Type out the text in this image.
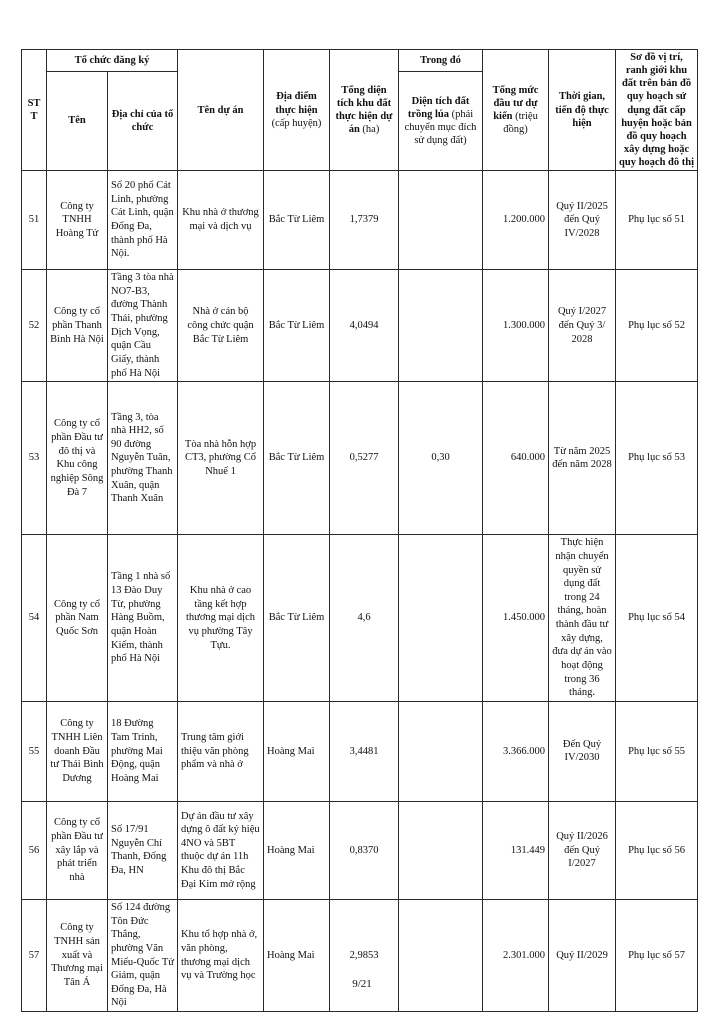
STT	Tổ chức đăng ký		Tên dự án	Địa điểm thực hiện (cấp huyện)	Tổng diện tích khu đất thực hiện dự án (ha)	Trong đó	Tổng mức đầu tư dự kiến (triệu đồng)	Thời gian, tiến độ thực hiện	Sơ đồ vị trí, ranh giới khu đất trên bản đồ quy hoạch sử dụng đất cấp huyện hoặc bản đồ quy hoạch xây dựng hoặc quy hoạch đô thị
	Tên	Địa chỉ của tổ chức				Diện tích đất trồng lúa (phải chuyển mục đích sử dụng đất)			
51	Công ty TNHH Hoàng Tử	Số 20 phố Cát Linh, phường Cát Linh, quận Đống Đa, thành phố Hà Nội.	Khu nhà ở thương mại và dịch vụ	Bắc Từ Liêm	1,7379		1.200.000	Quý II/2025 đến Quý IV/2028	Phụ lục số 51
52	Công ty cổ phần Thanh Bình Hà Nội	Tầng 3 tòa nhà NO7-B3, đường Thành Thái, phường Dịch Vọng, quận Cầu Giấy, thành phố Hà Nội	Nhà ở cán bộ công chức quận Bắc Từ Liêm	Bắc Từ Liêm	4,0494		1.300.000	Quý I/2027 đến Quý 3/ 2028	Phụ lục số 52
53	Công ty cổ phần Đầu tư đô thị và Khu công nghiệp Sông Đà 7	Tầng 3, tòa nhà HH2, số 90 đường Nguyễn Tuân, phường Thanh Xuân, quận Thanh Xuân	Tòa nhà hỗn hợp CT3, phường Cổ Nhuế 1	Bắc Từ Liêm	0,5277	0,30	640.000	Từ năm 2025 đến năm 2028	Phụ lục số 53
54	Công ty cổ phần Nam Quốc Sơn	Tầng 1 nhà số 13 Đào Duy Từ, phường Hàng Buồm, quận Hoàn Kiếm, thành phố Hà Nội	Khu nhà ở cao tầng kết hợp thương mại dịch vụ phường Tây Tựu.	Bắc Từ Liêm	4,6		1.450.000	Thực hiện nhận chuyển quyền sử dụng đất trong 24 tháng, hoàn thành đầu tư xây dựng, đưa dự án vào hoạt động trong 36 tháng.	Phụ lục số 54
55	Công ty TNHH Liên doanh Đầu tư Thái Bình Dương	18 Đường Tam Trinh, phường Mai Động, quận Hoàng Mai	Trung tâm giới thiệu văn phòng phẩm và nhà ở	Hoàng Mai	3,4481		3.366.000	Đến Quý IV/2030	Phụ lục số 55
56	Công ty cổ phần Đầu tư xây lắp và phát triển nhà	Số 17/91 Nguyễn Chí Thanh, Đống Đa, HN	Dự án đầu tư xây dựng ô đất ký hiệu 4NO và 5BT thuộc dự án 11h Khu đô thị Bắc Đại Kim mở rộng	Hoàng Mai	0,8370		131.449	Quý II/2026 đến Quý I/2027	Phụ lục số 56
57	Công ty TNHH sản xuất và Thương mại Tân Á	Số 124 đường Tôn Đức Thắng, phường Văn Miếu-Quốc Tử Giám, quận Đống Đa, Hà Nội	Khu tổ hợp nhà ở, văn phòng, thương mại dịch vụ và Trường học	Hoàng Mai	2,9853		2.301.000	Quý II/2029	Phụ lục số 57
9/21
